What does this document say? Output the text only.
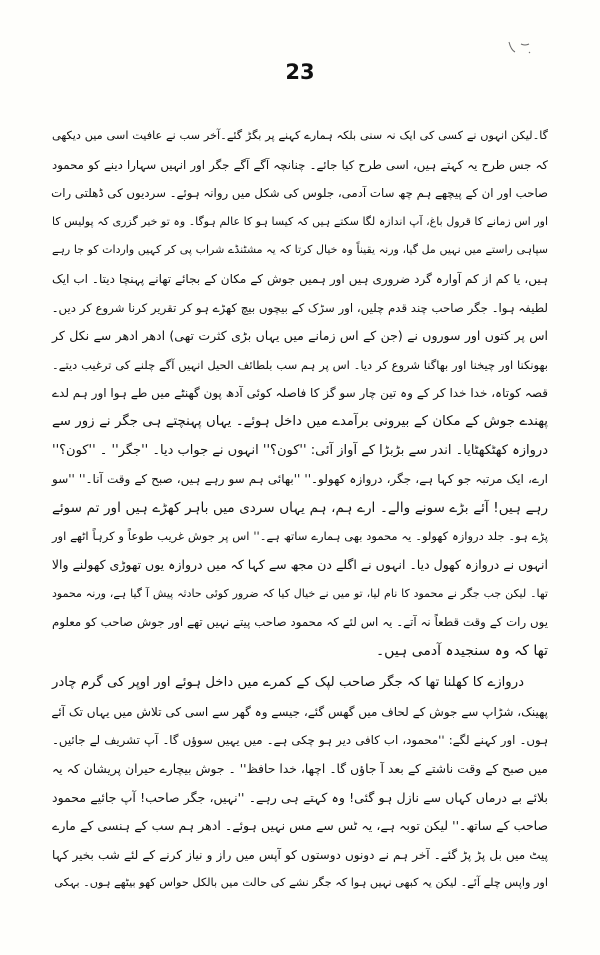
23
گا۔لیکن انہوں نے کسی کی ایک نہ سنی بلکہ ہمارے کہنے پر بگڑ گئے۔آخر سب نے عافیت اسی میں دیکھی
کہ جس طرح یہ کہتے ہیں، اسی طرح کیا جائے۔ چنانچہ آگے آگے جگر اور انہیں سہارا دینے کو محمود
صاحب اور ان کے پیچھے ہم چھ سات آدمی، جلوس کی شکل میں روانہ ہوئے۔ سردیوں کی ڈھلتی رات
اور اس زمانے کا قرول باغ، آپ اندازہ لگا سکتے ہیں کہ کیسا ہو کا عالم ہوگا۔ وہ تو خیر گزری کہ پولیس کا
سپاہی راستے میں نہیں مل گیا، ورنہ یقیناً وہ خیال کرتا کہ یہ مشٹنڈے شراب پی کر کہیں واردات کو جا رہے
ہیں، یا کم از کم آوارہ گرد ضروری ہیں اور ہمیں جوش کے مکان کے بجائے تھانے پہنچا دیتا۔ اب ایک
لطیفہ ہوا۔ جگر صاحب چند قدم چلیں، اور سڑک کے بیچوں بیچ کھڑے ہو کر تقریر کرنا شروع کر دیں۔
اس پر کتوں اور سوروں نے (جن کے اس زمانے میں یہاں بڑی کثرت تھی) ادھر ادھر سے نکل کر
بھونکنا اور چیخنا اور بھاگنا شروع کر دیا۔ اس پر ہم سب بلطائف الحیل انہیں آگے چلنے کی ترغیب دیتے۔
قصہ کوتاہ، خدا خدا کر کے وہ تین چار سو گز کا فاصلہ کوئی آدھ پون گھنٹے میں طے ہوا اور ہم لدے
پھندے جوش کے مکان کے بیرونی برآمدے میں داخل ہوئے۔ یہاں پہنچتے ہی جگر نے زور سے
دروازہ کھٹکھٹایا۔ اندر سے بڑبڑا کے آواز آئی: ''کون؟'' انہوں نے جواب دیا۔ ''جگر'' ۔ ''کون؟''
ارے، ایک مرتبہ جو کہا ہے، جگر، دروازہ کھولو۔'' ''بھائی ہم سو رہے ہیں، صبح کے وقت آنا۔'' ''سو
رہے ہیں! آئے بڑے سونے والے۔ ارے ہم، ہم یہاں سردی میں باہر کھڑے ہیں اور تم سوئے
پڑے ہو۔ جلد دروازہ کھولو۔ یہ محمود بھی ہمارے ساتھ ہے۔'' اس پر جوش غریب طوعاً و کرہاً اٹھے اور
انہوں نے دروازہ کھول دیا۔ انہوں نے اگلے دن مجھ سے کہا کہ میں دروازہ یوں تھوڑی کھولنے والا
تھا۔ لیکن جب جگر نے محمود کا نام لیا، تو میں نے خیال کیا کہ ضرور کوئی حادثہ پیش آ گیا ہے، ورنہ محمود
یوں رات کے وقت قطعاً نہ آتے۔ یہ اس لئے کہ محمود صاحب پیتے نہیں تھے اور جوش صاحب کو معلوم
تھا کہ وہ سنجیدہ آدمی ہیں۔
دروازے کا کھلنا تھا کہ جگر صاحب لپک کے کمرے میں داخل ہوئے اور اوپر کی گرم چادر
پھینک، شڑاپ سے جوش کے لحاف میں گھس گئے، جیسے وہ گھر سے اسی کی تلاش میں یہاں تک آئے
ہوں۔ اور کہنے لگے: ''محمود، اب کافی دیر ہو چکی ہے۔ میں یہیں سوؤں گا۔ آپ تشریف لے جائیں۔
میں صبح کے وقت ناشتے کے بعد آ جاؤں گا۔ اچھا، خدا حافظ'' ۔ جوش بیچارے حیران پریشان کہ یہ
بلائے بے درماں کہاں سے نازل ہو گئی! وہ کہتے ہی رہے۔ ''نہیں، جگر صاحب! آپ جائیے محمود
صاحب کے ساتھ۔'' لیکن توبہ ہے، یہ ٹس سے مس نہیں ہوئے۔ ادھر ہم سب کے ہنسی کے مارے
پیٹ میں بل پڑ پڑ گئے۔ آخر ہم نے دونوں دوستوں کو آپس میں راز و نیاز کرنے کے لئے شب بخیر کہا
اور واپس چلے آئے۔ لیکن یہ کبھی نہیں ہوا کہ جگر نشے کی حالت میں بالکل حواس کھو بیٹھے ہوں۔ بہکی
